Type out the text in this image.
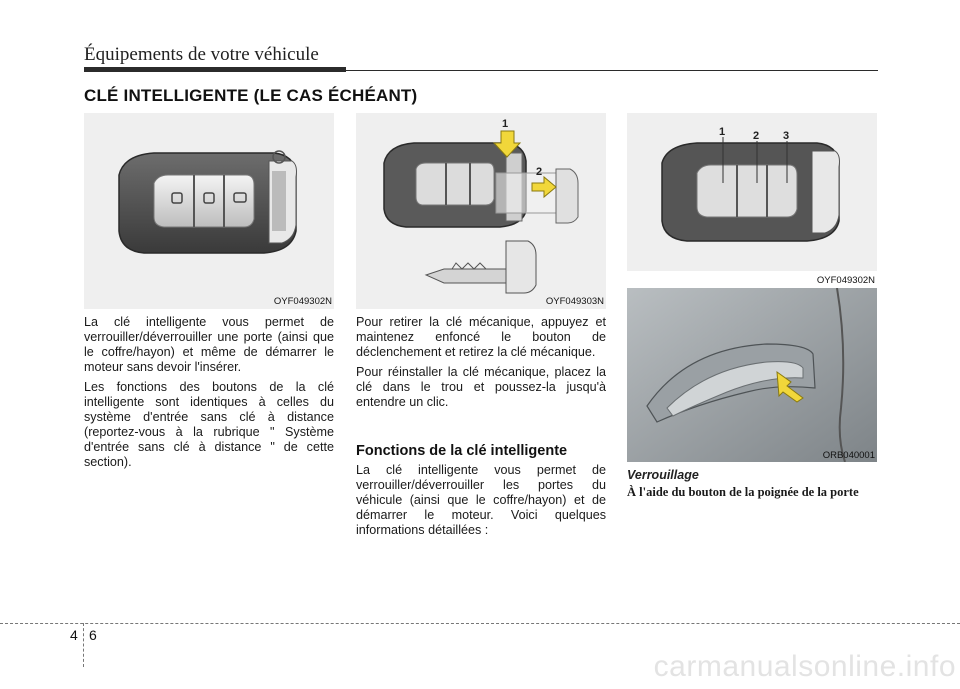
Équipements de votre véhicule
CLÉ INTELLIGENTE (LE CAS ÉCHÉANT)
OYF049302N
1
2
OYF049303N
1	2 3
OYF049302N
ORB040001

La clé intelligente vous permet de verrouiller/déverrouiller une porte (ainsi que le coffre/hayon) et même de démarrer le moteur sans devoir l'insérer.

Les fonctions des boutons de la clé intelligente sont identiques à celles du système d'entrée sans clé à distance (reportez-vous à la rubrique " Système d'entrée sans clé à distance " de cette section).

Pour retirer la clé mécanique, appuyez et maintenez enfoncé le bouton de déclenchement et retirez la clé mécanique.

Pour réinstaller la clé mécanique, placez la clé dans le trou et poussez-la jusqu'à entendre un clic.

Fonctions de la clé intelligente

La clé intelligente vous permet de verrouiller/déverrouiller les portes du véhicule (ainsi que le coffre/hayon) et de démarrer le moteur. Voici quelques informations détaillées :

Verrouillage
À l'aide du bouton de la poignée de la porte
4 6
carmanualsonline.info
